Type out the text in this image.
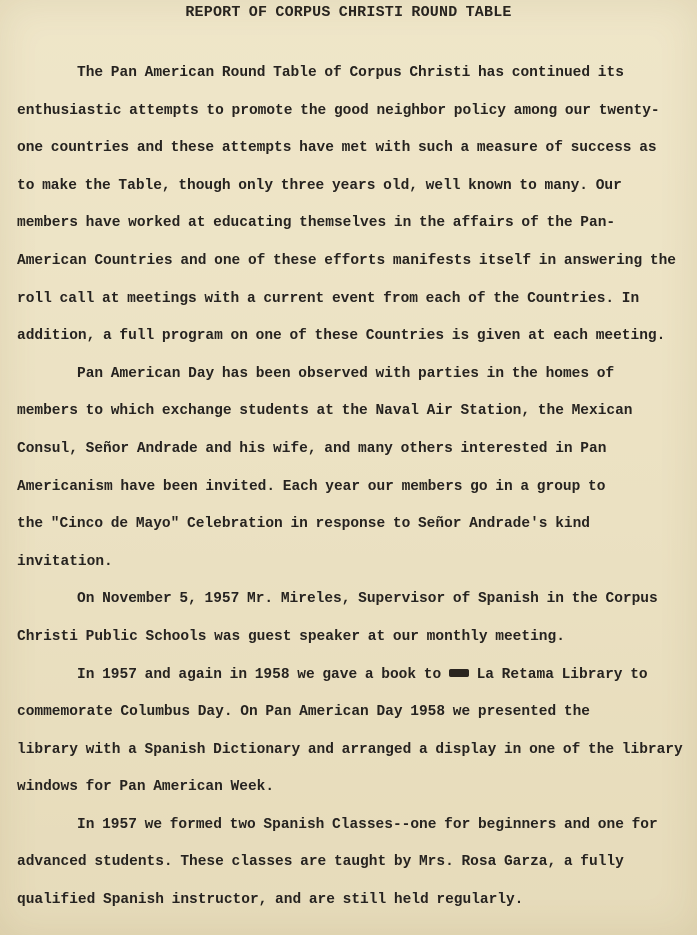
REPORT OF CORPUS CHRISTI ROUND TABLE
The Pan American Round Table of Corpus Christi has continued its
enthusiastic attempts to promote the good neighbor policy among our twenty-
one countries and these attempts have met with such a measure of success as
to make the Table, though only three years old, well known to many. Our
members have worked at educating themselves in the affairs of the Pan-
American Countries and one of these efforts manifests itself in answering the
roll call at meetings with a current event from each of the Countries. In
addition, a full program on one of these Countries is given at each meeting.
Pan American Day has been observed with parties in the homes of
members to which exchange students at the Naval Air Station, the Mexican
Consul, Señor Andrade and his wife, and many others interested in Pan
Americanism have been invited. Each year our members go in a group to
the "Cinco de Mayo" Celebration in response to Señor Andrade's kind
invitation.
On November 5, 1957 Mr. Mireles, Supervisor of Spanish in the Corpus
Christi Public Schools was guest speaker at our monthly meeting.
In 1957 and again in 1958 we gave a book to La Retama Library to
commemorate Columbus Day. On Pan American Day 1958 we presented the
library with a Spanish Dictionary and arranged a display in one of the library
windows for Pan American Week.
In 1957 we formed two Spanish Classes--one for beginners and one for
advanced students. These classes are taught by Mrs. Rosa Garza, a fully
qualified Spanish instructor, and are still held regularly.
